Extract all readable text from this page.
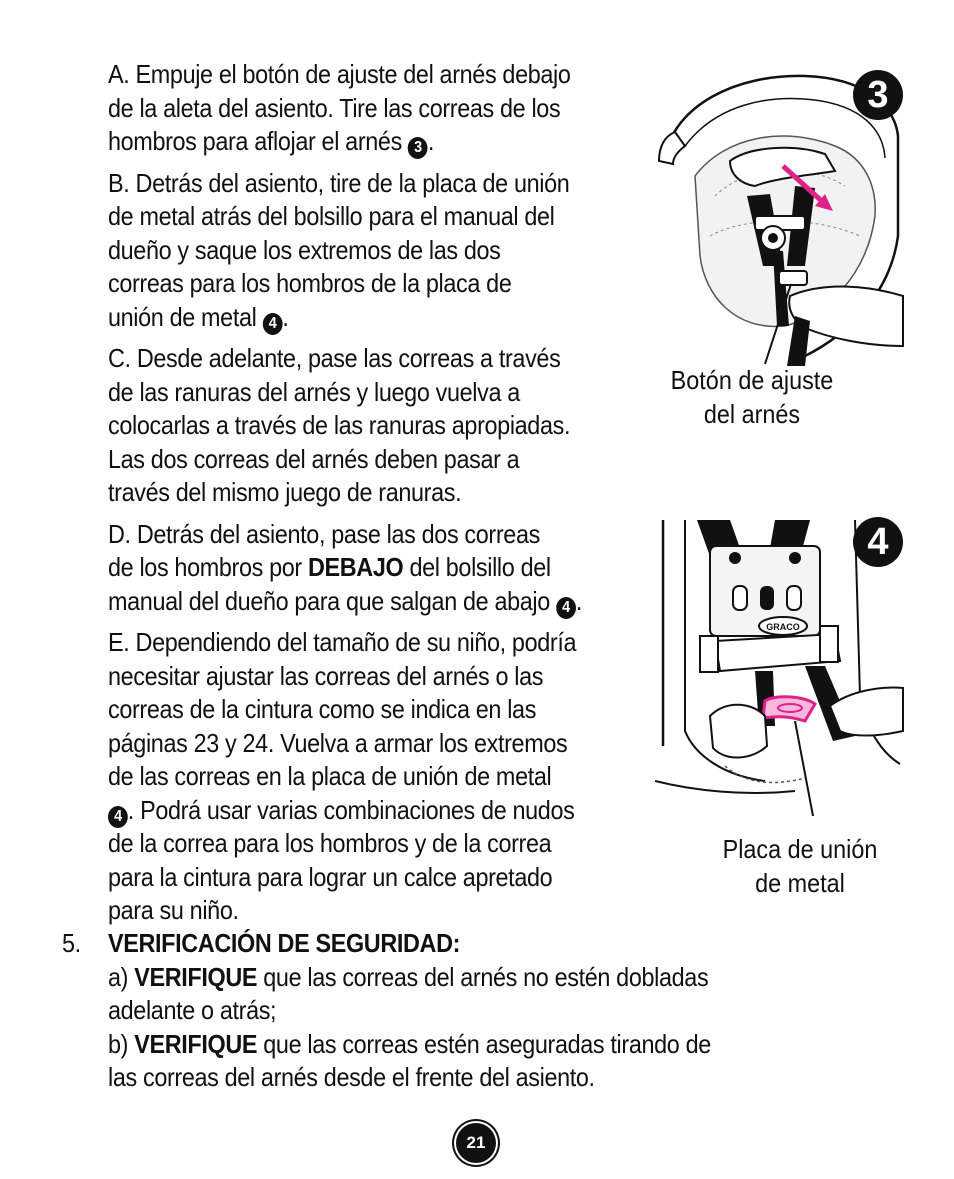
A. Empuje el botón de ajuste del arnés debajo
de la aleta del asiento. Tire las correas de los
hombros para aflojar el arnés 3 .
B. Detrás del asiento, tire de la placa de unión
de metal atrás del bolsillo para el manual del
dueño y saque los extremos de las dos
correas para los hombros de la placa de
unión de metal 4 .
C. Desde adelante, pase las correas a través
de las ranuras del arnés y luego vuelva a
colocarlas a través de las ranuras apropiadas.
Las dos correas del arnés deben pasar a
través del mismo juego de ranuras.
D. Detrás del asiento, pase las dos correas
de los hombros por DEBAJO del bolsillo del
manual del dueño para que salgan de abajo 4 .
E. Dependiendo del tamaño de su niño, podría
necesitar ajustar las correas del arnés o las
correas de la cintura como se indica en las
páginas 23 y 24. Vuelva a armar los extremos
de las correas en la placa de unión de metal
4 . Podrá usar varias combinaciones de nudos
de la correa para los hombros y de la correa
para la cintura para lograr un calce apretado
para su niño.
5. VERIFICACIÓN DE SEGURIDAD:
a) VERIFIQUE que las correas del arnés no estén dobladas
adelante o atrás;
b) VERIFIQUE que las correas estén aseguradas tirando de
las correas del arnés desde el frente del asiento.
3
Botón de ajuste
del arnés
GRACO
4
Placa de unión
de metal
21
